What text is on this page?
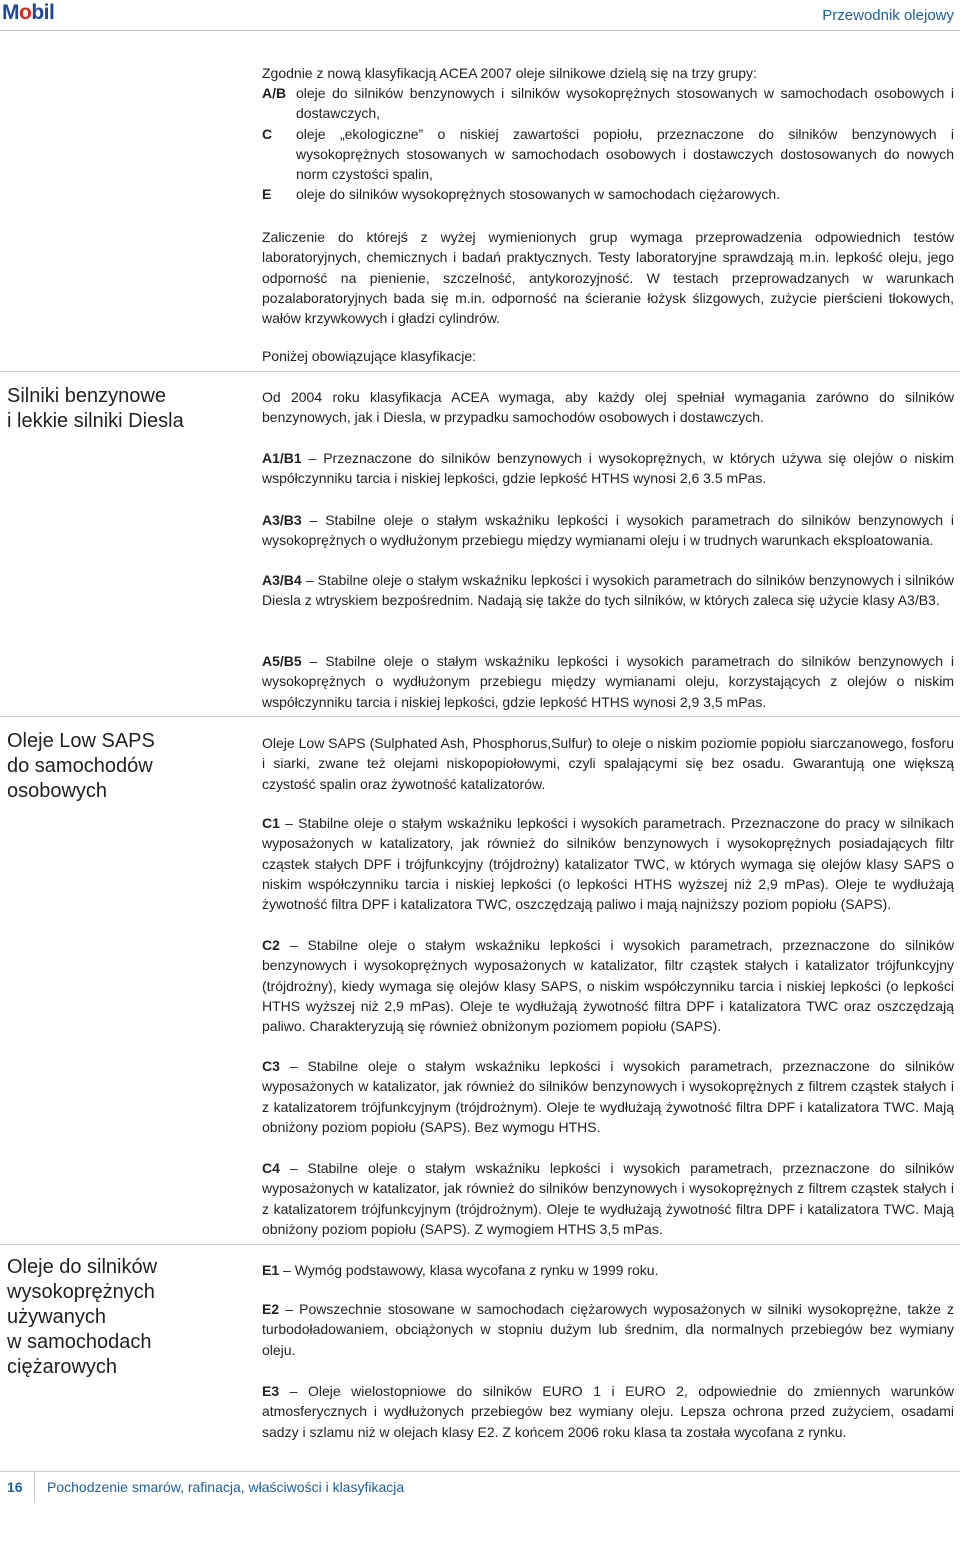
Mobil	Przewodnik olejowy

Zgodnie z nową klasyfikacją ACEA 2007 oleje silnikowe dzielą się na trzy grupy:

A/B oleje do silników benzynowych i silników wysokoprężnych stosowanych w samochodach osobowych i dostawczych,
C	oleje „ekologiczne” o niskiej zawartości popiołu, przeznaczone do silników benzynowych i wysokoprężnych stosowanych w samochodach osobowych i dostawczych dostosowanych do nowych norm czystości spalin,
E	oleje do silników wysokoprężnych stosowanych w samochodach ciężarowych.

Zaliczenie do którejś z wyżej wymienionych grup wymaga przeprowadzenia odpowiednich testów laboratoryjnych, chemicznych i badań praktycznych. Testy laboratoryjne sprawdzają m.in. lepkość oleju, jego odporność na pienienie, szczelność, antykorozyjność. W testach przeprowadzanych w warunkach pozalaboratoryjnych bada się m.in. odporność na ścieranie łożysk ślizgowych, zużycie pierścieni tłokowych, wałów krzywkowych i gładzi cylindrów.

Poniżej obowiązujące klasyfikacje:

Silniki benzynowe
i lekkie silniki Diesla

Od 2004 roku klasyfikacja ACEA wymaga, aby każdy olej spełniał wymagania zarówno do silników benzynowych, jak i Diesla, w przypadku samochodów osobowych i dostawczych.

A1/B1 – Przeznaczone do silników benzynowych i wysokoprężnych, w których używa się olejów o niskim współczynniku tarcia i niskiej lepkości, gdzie lepkość HTHS wynosi 2,6 3.5 mPas.

A3/B3 – Stabilne oleje o stałym wskaźniku lepkości i wysokich parametrach do silników benzynowych i wysokoprężnych o wydłużonym przebiegu między wymianami oleju i w trudnych warunkach eksploatowania.

A3/B4 – Stabilne oleje o stałym wskaźniku lepkości i wysokich parametrach do silników benzynowych i silników Diesla z wtryskiem bezpośrednim. Nadają się także do tych silników, w których zaleca się użycie klasy A3/B3.

A5/B5 – Stabilne oleje o stałym wskaźniku lepkości i wysokich parametrach do silników benzynowych i wysokoprężnych o wydłużonym przebiegu między wymianami oleju, korzystających z olejów o niskim współczynniku tarcia i niskiej lepkości, gdzie lepkość HTHS wynosi 2,9 3,5 mPas.

Oleje Low SAPS
do samochodów
osobowych

Oleje Low SAPS (Sulphated Ash, Phosphorus,Sulfur) to oleje o niskim poziomie popiołu siarczanowego, fosforu i siarki, zwane też olejami niskopopiołowymi, czyli spalającymi się bez osadu. Gwarantują one większą czystość spalin oraz żywotność katalizatorów.

C1 – Stabilne oleje o stałym wskaźniku lepkości i wysokich parametrach. Przeznaczone do pracy w silnikach wyposażonych w katalizatory, jak również do silników benzynowych i wysokoprężnych posiadających filtr cząstek stałych DPF i trójfunkcyjny (trójdrożny) katalizator TWC, w których wymaga się olejów klasy SAPS o niskim współczynniku tarcia i niskiej lepkości (o lepkości HTHS wyższej niż 2,9 mPas). Oleje te wydłużają żywotność filtra DPF i katalizatora TWC, oszczędzają paliwo i mają najniższy poziom popiołu (SAPS).

C2 – Stabilne oleje o stałym wskaźniku lepkości i wysokich parametrach, przeznaczone do silników benzynowych i wysokoprężnych wyposażonych w katalizator, filtr cząstek stałych i katalizator trójfunkcyjny (trójdrożny), kiedy wymaga się olejów klasy SAPS, o niskim współczynniku tarcia i niskiej lepkości (o lepkości HTHS wyższej niż 2,9 mPas). Oleje te wydłużają żywotność filtra DPF i katalizatora TWC oraz oszczędzają paliwo. Charakteryzują się również obniżonym poziomem popiołu (SAPS).

C3 – Stabilne oleje o stałym wskaźniku lepkości i wysokich parametrach, przeznaczone do silników wyposażonych w katalizator, jak również do silników benzynowych i wysokoprężnych z filtrem cząstek stałych i z katalizatorem trójfunkcyjnym (trójdrożnym). Oleje te wydłużają żywotność filtra DPF i katalizatora TWC. Mają obniżony poziom popiołu (SAPS). Bez wymogu HTHS.

C4 – Stabilne oleje o stałym wskaźniku lepkości i wysokich parametrach, przeznaczone do silników wyposażonych w katalizator, jak również do silników benzynowych i wysokoprężnych z filtrem cząstek stałych i z katalizatorem trójfunkcyjnym (trójdrożnym). Oleje te wydłużają żywotność filtra DPF i katalizatora TWC. Mają obniżony poziom popiołu (SAPS). Z wymogiem HTHS 3,5 mPas.

Oleje do silników
wysokoprężnych
używanych
w samochodach
ciężarowych

E1 – Wymóg podstawowy, klasa wycofana z rynku w 1999 roku.

E2 – Powszechnie stosowane w samochodach ciężarowych wyposażonych w silniki wysokoprężne, także z turbodoładowaniem, obciążonych w stopniu dużym lub średnim, dla normalnych przebiegów bez wymiany oleju.

E3 – Oleje wielostopniowe do silników EURO 1 i EURO 2, odpowiednie do zmiennych warunków atmosferycznych i wydłużonych przebiegów bez wymiany oleju. Lepsza ochrona przed zużyciem, osadami sadzy i szlamu niż w olejach klasy E2. Z końcem 2006 roku klasa ta została wycofana z rynku.

16 Pochodzenie smarów, rafinacja, właściwości i klasyfikacja
